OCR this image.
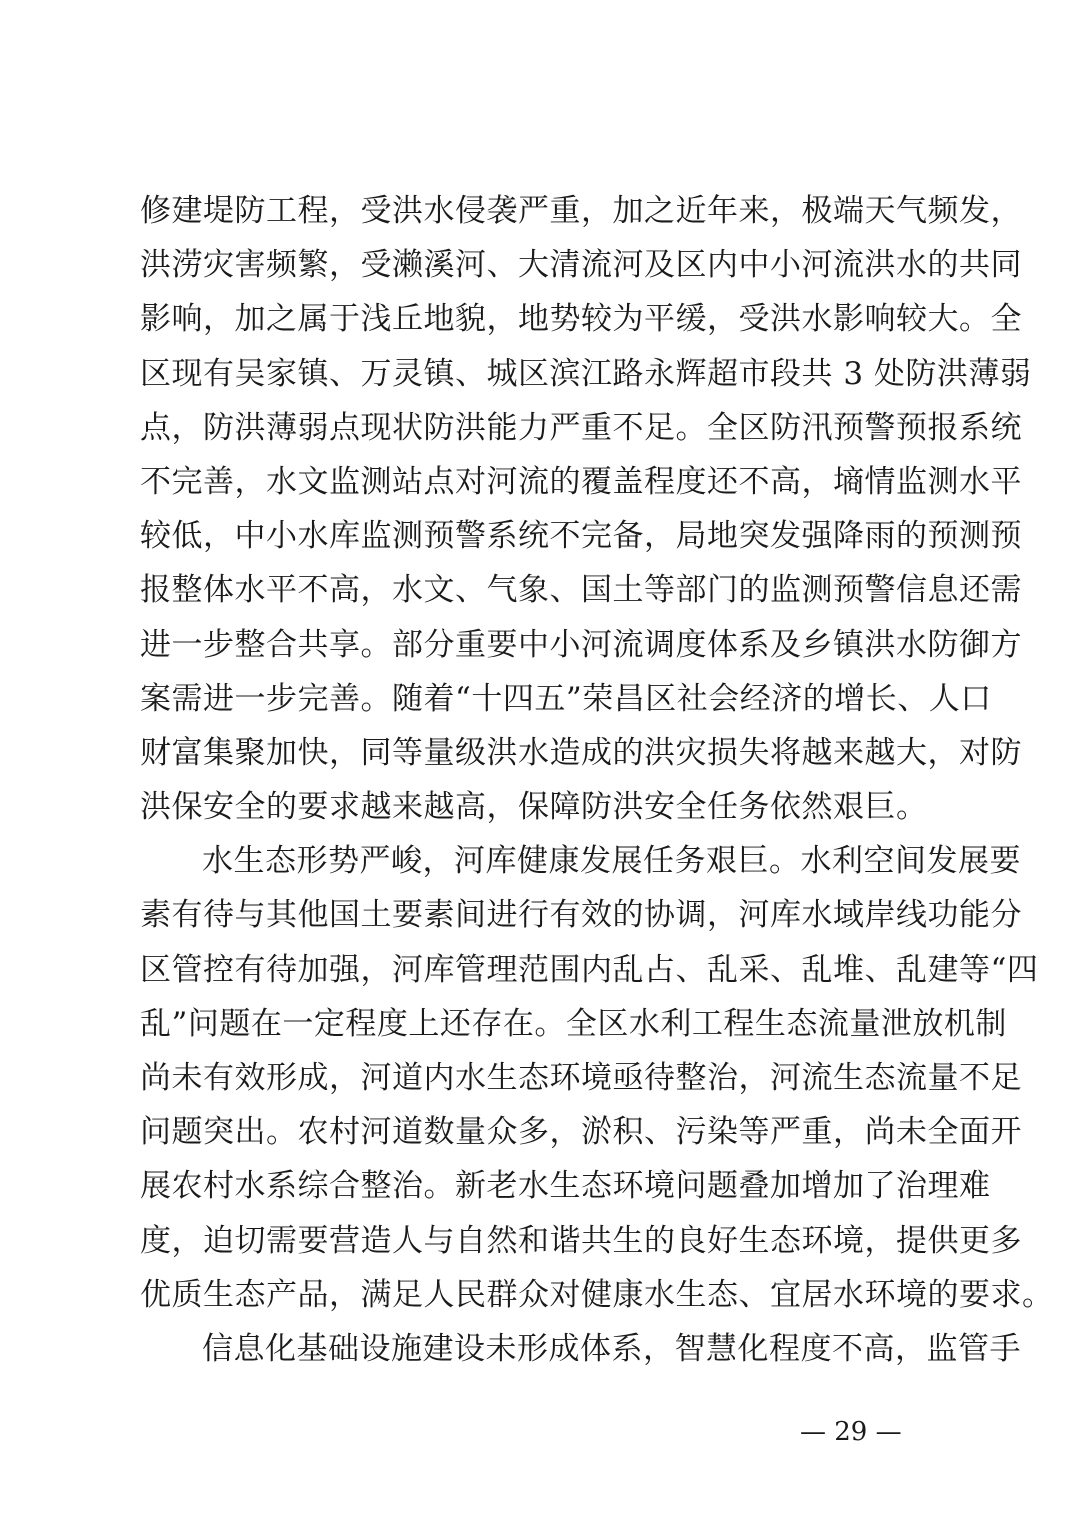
修建堤防工程，受洪水侵袭严重，加之近年来，极端天气频发，
洪涝灾害频繁，受濑溪河、大清流河及区内中小河流洪水的共同
影响，加之属于浅丘地貌，地势较为平缓，受洪水影响较大。全
区现有吴家镇、万灵镇、城区滨江路永辉超市段共 3 处防洪薄弱
点，防洪薄弱点现状防洪能力严重不足。全区防汛预警预报系统
不完善，水文监测站点对河流的覆盖程度还不高，墒情监测水平
较低，中小水库监测预警系统不完备，局地突发强降雨的预测预
报整体水平不高，水文、气象、国土等部门的监测预警信息还需
进一步整合共享。部分重要中小河流调度体系及乡镇洪水防御方
案需进一步完善。随着“十四五”荣昌区社会经济的增长、人口
财富集聚加快，同等量级洪水造成的洪灾损失将越来越大，对防
洪保安全的要求越来越高，保障防洪安全任务依然艰巨。
水生态形势严峻，河库健康发展任务艰巨。水利空间发展要
素有待与其他国土要素间进行有效的协调，河库水域岸线功能分
区管控有待加强，河库管理范围内乱占、乱采、乱堆、乱建等“四
乱”问题在一定程度上还存在。全区水利工程生态流量泄放机制
尚未有效形成，河道内水生态环境亟待整治，河流生态流量不足
问题突出。农村河道数量众多，淤积、污染等严重，尚未全面开
展农村水系综合整治。新老水生态环境问题叠加增加了治理难
度，迫切需要营造人与自然和谐共生的良好生态环境，提供更多
优质生态产品，满足人民群众对健康水生态、宜居水环境的要求。
信息化基础设施建设未形成体系，智慧化程度不高，监管手
— 29 —
